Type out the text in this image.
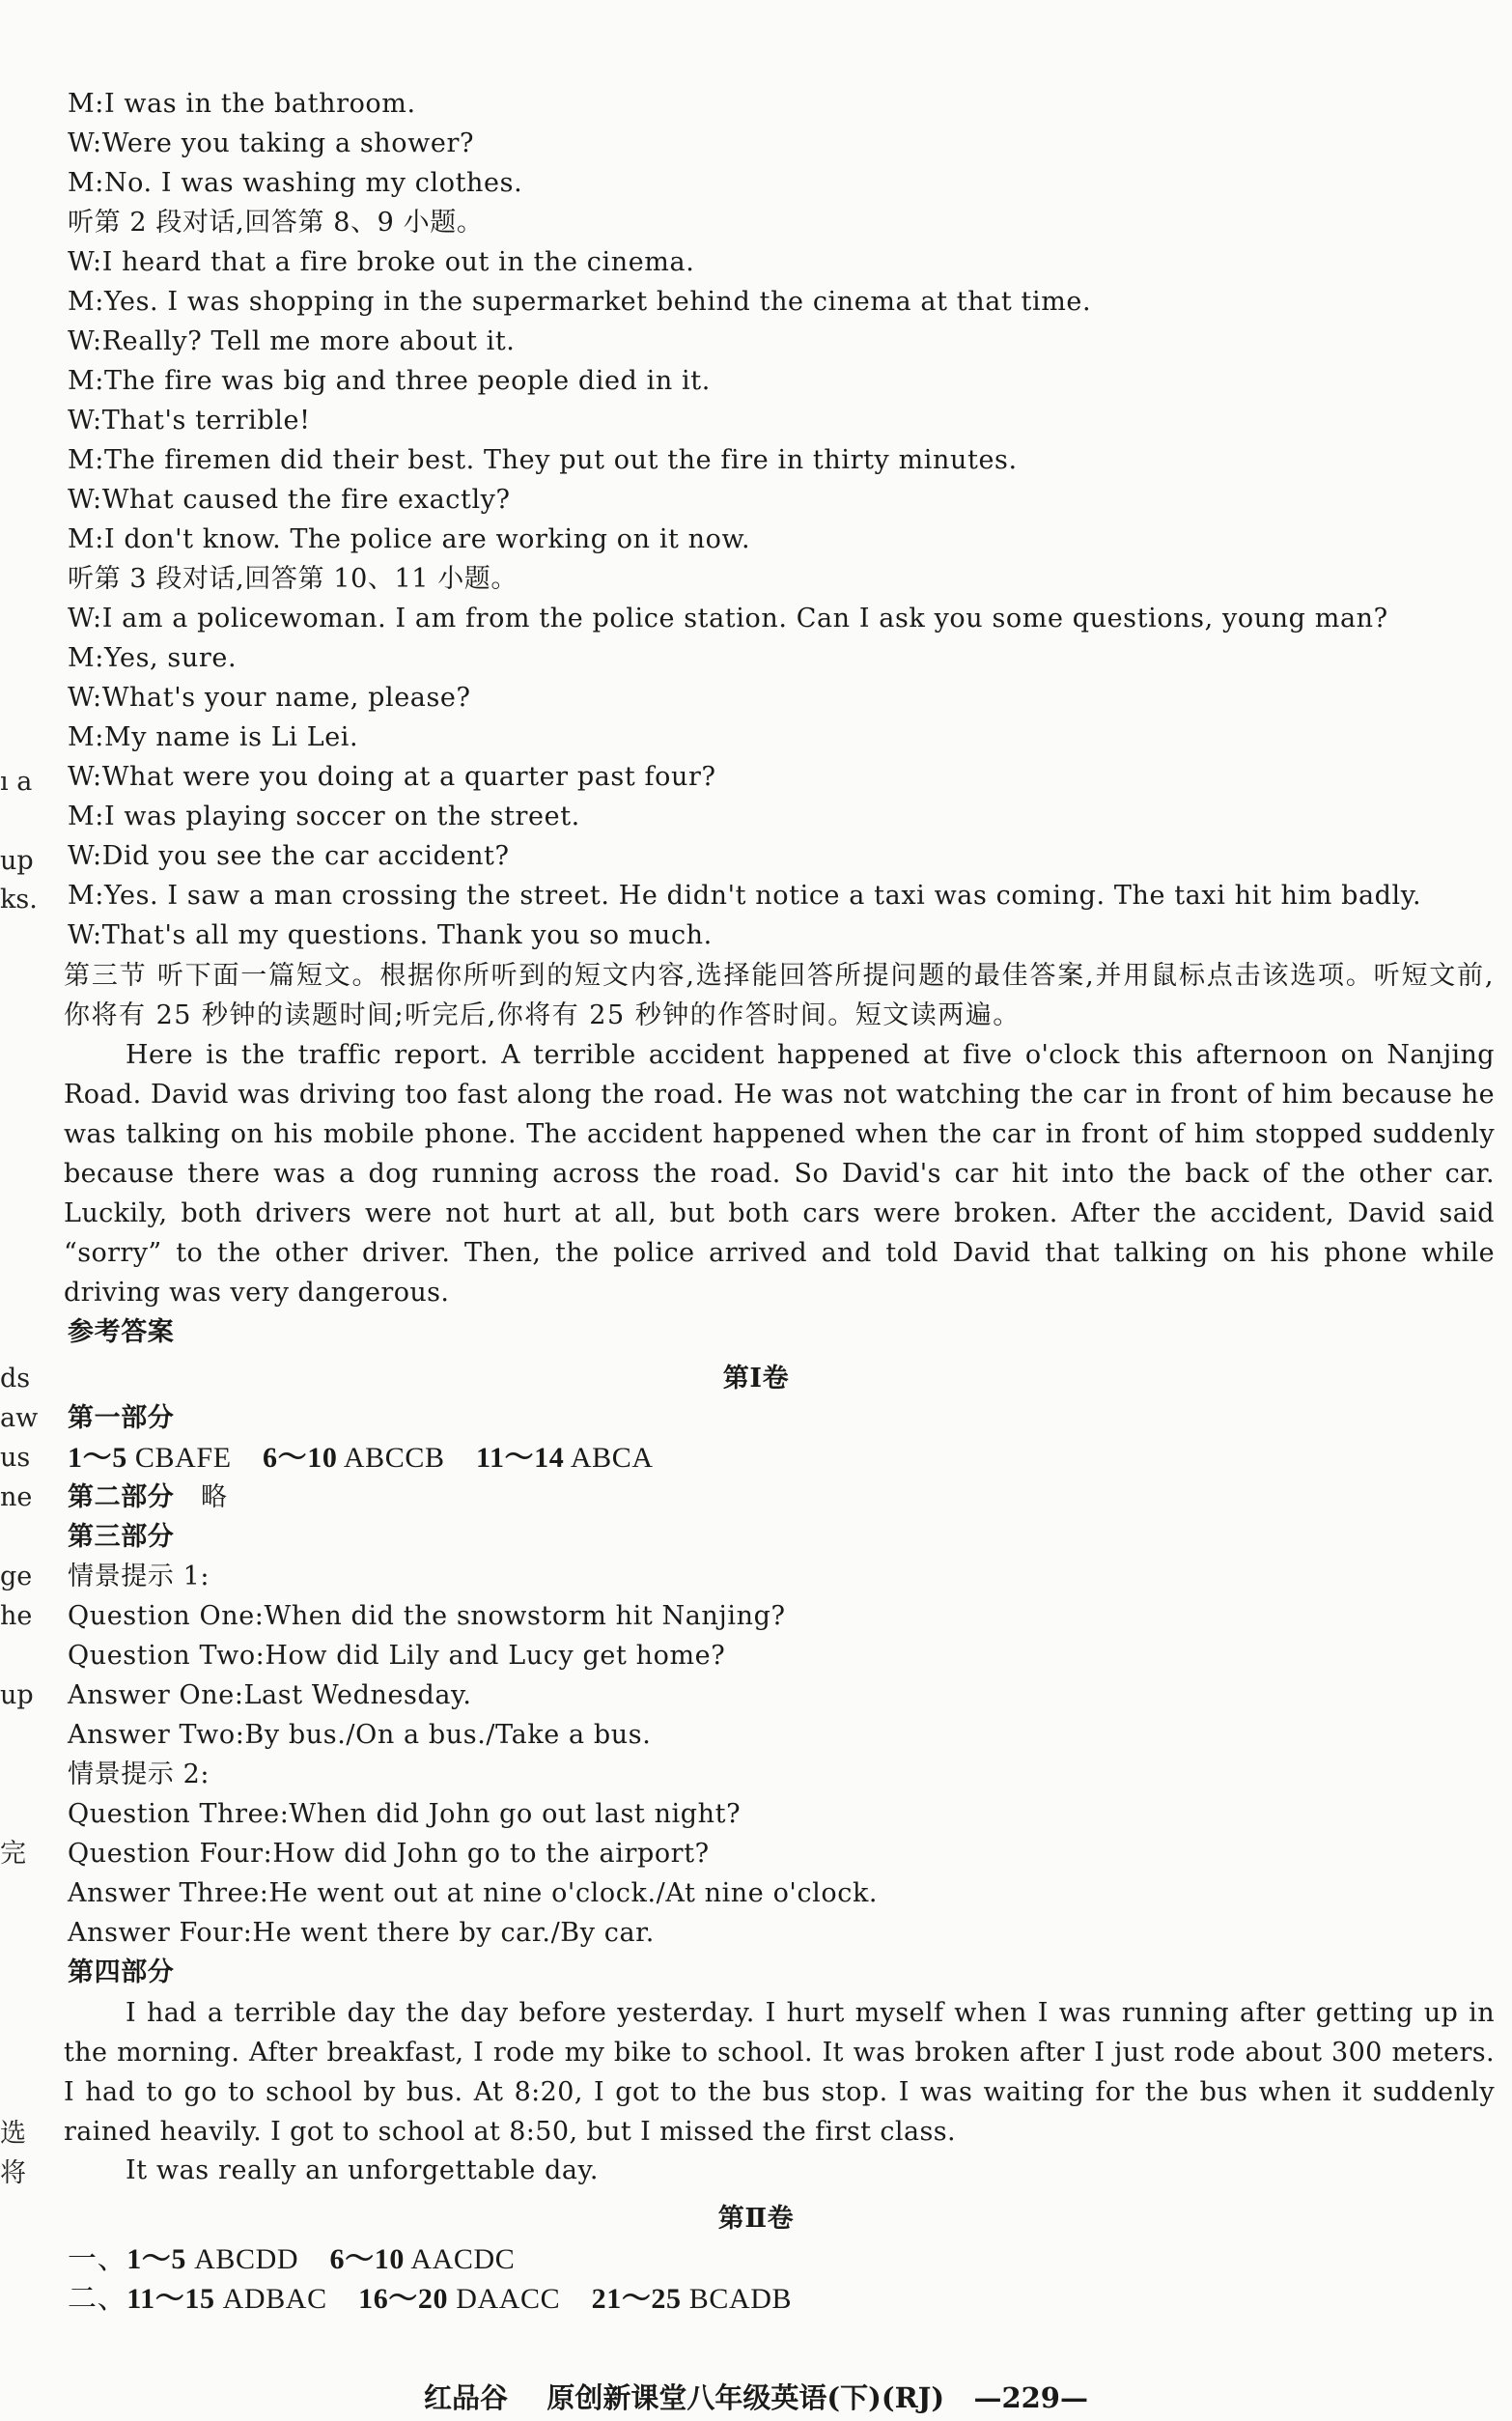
ı a
up
ks.
ds
aw
us
ne
ge
he
up
完
选
将
M:I was in the bathroom.
W:Were you taking a shower?
M:No. I was washing my clothes.
听第 2 段对话,回答第 8、9 小题。
W:I heard that a fire broke out in the cinema.
M:Yes. I was shopping in the supermarket behind the cinema at that time.
W:Really? Tell me more about it.
M:The fire was big and three people died in it.
W:That's terrible!
M:The firemen did their best. They put out the fire in thirty minutes.
W:What caused the fire exactly?
M:I don't know. The police are working on it now.
听第 3 段对话,回答第 10、11 小题。
W:I am a policewoman. I am from the police station. Can I ask you some questions, young man?
M:Yes, sure.
W:What's your name, please?
M:My name is Li Lei.
W:What were you doing at a quarter past four?
M:I was playing soccer on the street.
W:Did you see the car accident?
M:Yes. I saw a man crossing the street. He didn't notice a taxi was coming. The taxi hit him badly.
W:That's all my questions. Thank you so much.
第三节 听下面一篇短文。根据你所听到的短文内容,选择能回答所提问题的最佳答案,并用鼠标点击该选项。听短文前,你将有 25 秒钟的读题时间;听完后,你将有 25 秒钟的作答时间。短文读两遍。
Here is the traffic report. A terrible accident happened at five o'clock this afternoon on Nanjing Road. David was driving too fast along the road. He was not watching the car in front of him because he was talking on his mobile phone. The accident happened when the car in front of him stopped suddenly because there was a dog running across the road. So David's car hit into the back of the other car. Luckily, both drivers were not hurt at all, but both cars were broken. After the accident, David said “sorry” to the other driver. Then, the police arrived and told David that talking on his phone while driving was very dangerous.
参考答案
第Ⅰ卷
第一部分
1～5 CBAFE 6～10 ABCCB 11～14 ABCA
第二部分 略
第三部分
情景提示 1:
Question One:When did the snowstorm hit Nanjing?
Question Two:How did Lily and Lucy get home?
Answer One:Last Wednesday.
Answer Two:By bus./On a bus./Take a bus.
情景提示 2:
Question Three:When did John go out last night?
Question Four:How did John go to the airport?
Answer Three:He went out at nine o'clock./At nine o'clock.
Answer Four:He went there by car./By car.
第四部分
I had a terrible day the day before yesterday. I hurt myself when I was running after getting up in the morning. After breakfast, I rode my bike to school. It was broken after I just rode about 300 meters. I had to go to school by bus. At 8:20, I got to the bus stop. I was waiting for the bus when it suddenly rained heavily. I got to school at 8:50, but I missed the first class.
It was really an unforgettable day.
第Ⅱ卷
一、1～5 ABCDD 6～10 AACDC
二、11～15 ADBAC 16～20 DAACC 21～25 BCADB
红品谷 原创新课堂八年级英语(下)(RJ) —229—
